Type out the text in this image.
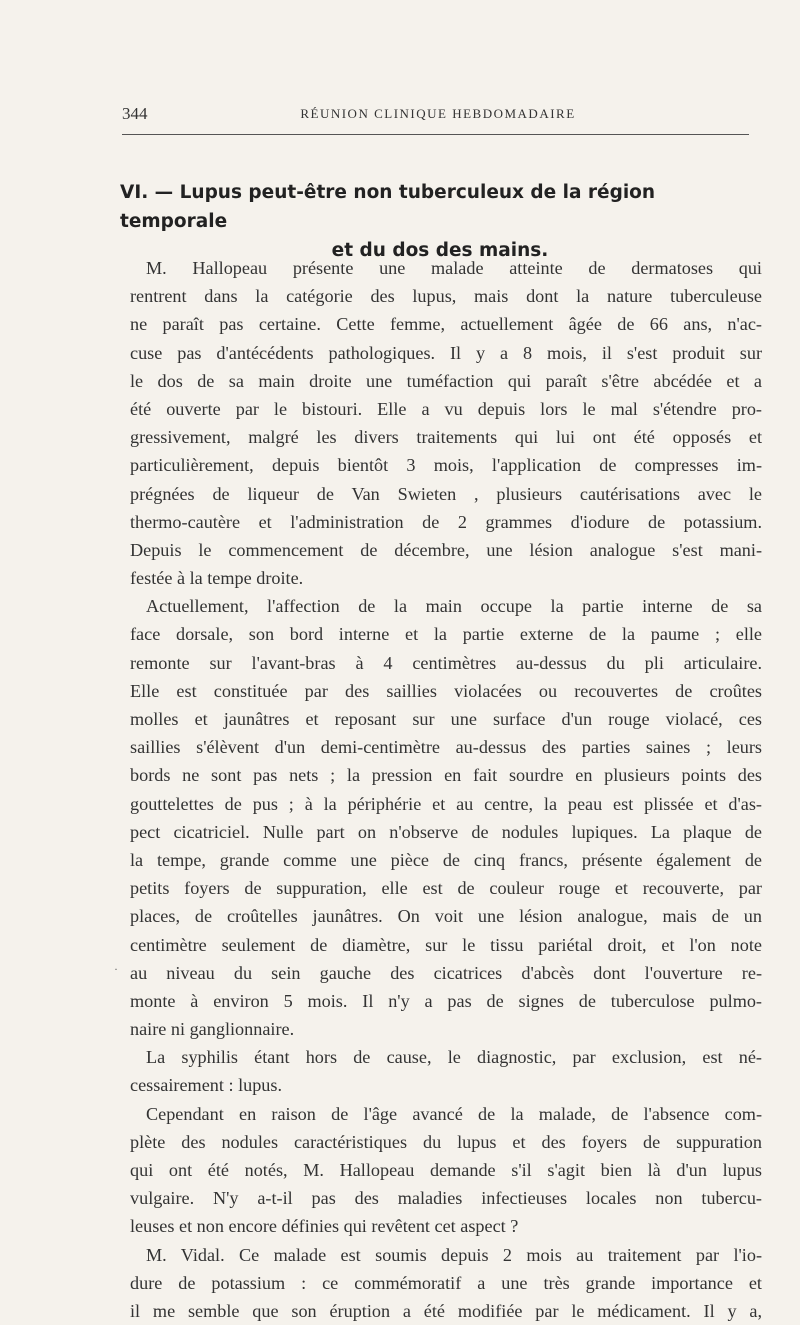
344	RÉUNION CLINIQUE HEBDOMADAIRE
VI. — Lupus peut-être non tuberculeux de la région temporale
et du dos des mains.
M. Hallopeau présente une malade atteinte de dermatoses qui
rentrent dans la catégorie des lupus, mais dont la nature tuberculeuse
ne paraît pas certaine. Cette femme, actuellement âgée de 66 ans, n'ac-
cuse pas d'antécédents pathologiques. Il y a 8 mois, il s'est produit sur
le dos de sa main droite une tuméfaction qui paraît s'être abcédée et a
été ouverte par le bistouri. Elle a vu depuis lors le mal s'étendre pro-
gressivement, malgré les divers traitements qui lui ont été opposés et
particulièrement, depuis bientôt 3 mois, l'application de compresses im-
prégnées de liqueur de Van Swieten , plusieurs cautérisations avec le
thermo-cautère et l'administration de 2 grammes d'iodure de potassium.
Depuis le commencement de décembre, une lésion analogue s'est mani-
festée à la tempe droite.
Actuellement, l'affection de la main occupe la partie interne de sa
face dorsale, son bord interne et la partie externe de la paume ; elle
remonte sur l'avant-bras à 4 centimètres au-dessus du pli articulaire.
Elle est constituée par des saillies violacées ou recouvertes de croûtes
molles et jaunâtres et reposant sur une surface d'un rouge violacé, ces
saillies s'élèvent d'un demi-centimètre au-dessus des parties saines ; leurs
bords ne sont pas nets ; la pression en fait sourdre en plusieurs points des
gouttelettes de pus ; à la périphérie et au centre, la peau est plissée et d'as-
pect cicatriciel. Nulle part on n'observe de nodules lupiques. La plaque de
la tempe, grande comme une pièce de cinq francs, présente également de
petits foyers de suppuration, elle est de couleur rouge et recouverte, par
places, de croûtelles jaunâtres. On voit une lésion analogue, mais de un
centimètre seulement de diamètre, sur le tissu pariétal droit, et l'on note
au niveau du sein gauche des cicatrices d'abcès dont l'ouverture re-
monte à environ 5 mois. Il n'y a pas de signes de tuberculose pulmo-
naire ni ganglionnaire.
La syphilis étant hors de cause, le diagnostic, par exclusion, est né-
cessairement : lupus.
Cependant en raison de l'âge avancé de la malade, de l'absence com-
plète des nodules caractéristiques du lupus et des foyers de suppuration
qui ont été notés, M. Hallopeau demande s'il s'agit bien là d'un lupus
vulgaire. N'y a-t-il pas des maladies infectieuses locales non tubercu-
leuses et non encore définies qui revêtent cet aspect ?
M. Vidal. Ce malade est soumis depuis 2 mois au traitement par l'io-
dure de potassium : ce commémoratif a une très grande importance et
il me semble que son éruption a été modifiée par le médicament. Il y a,
·
